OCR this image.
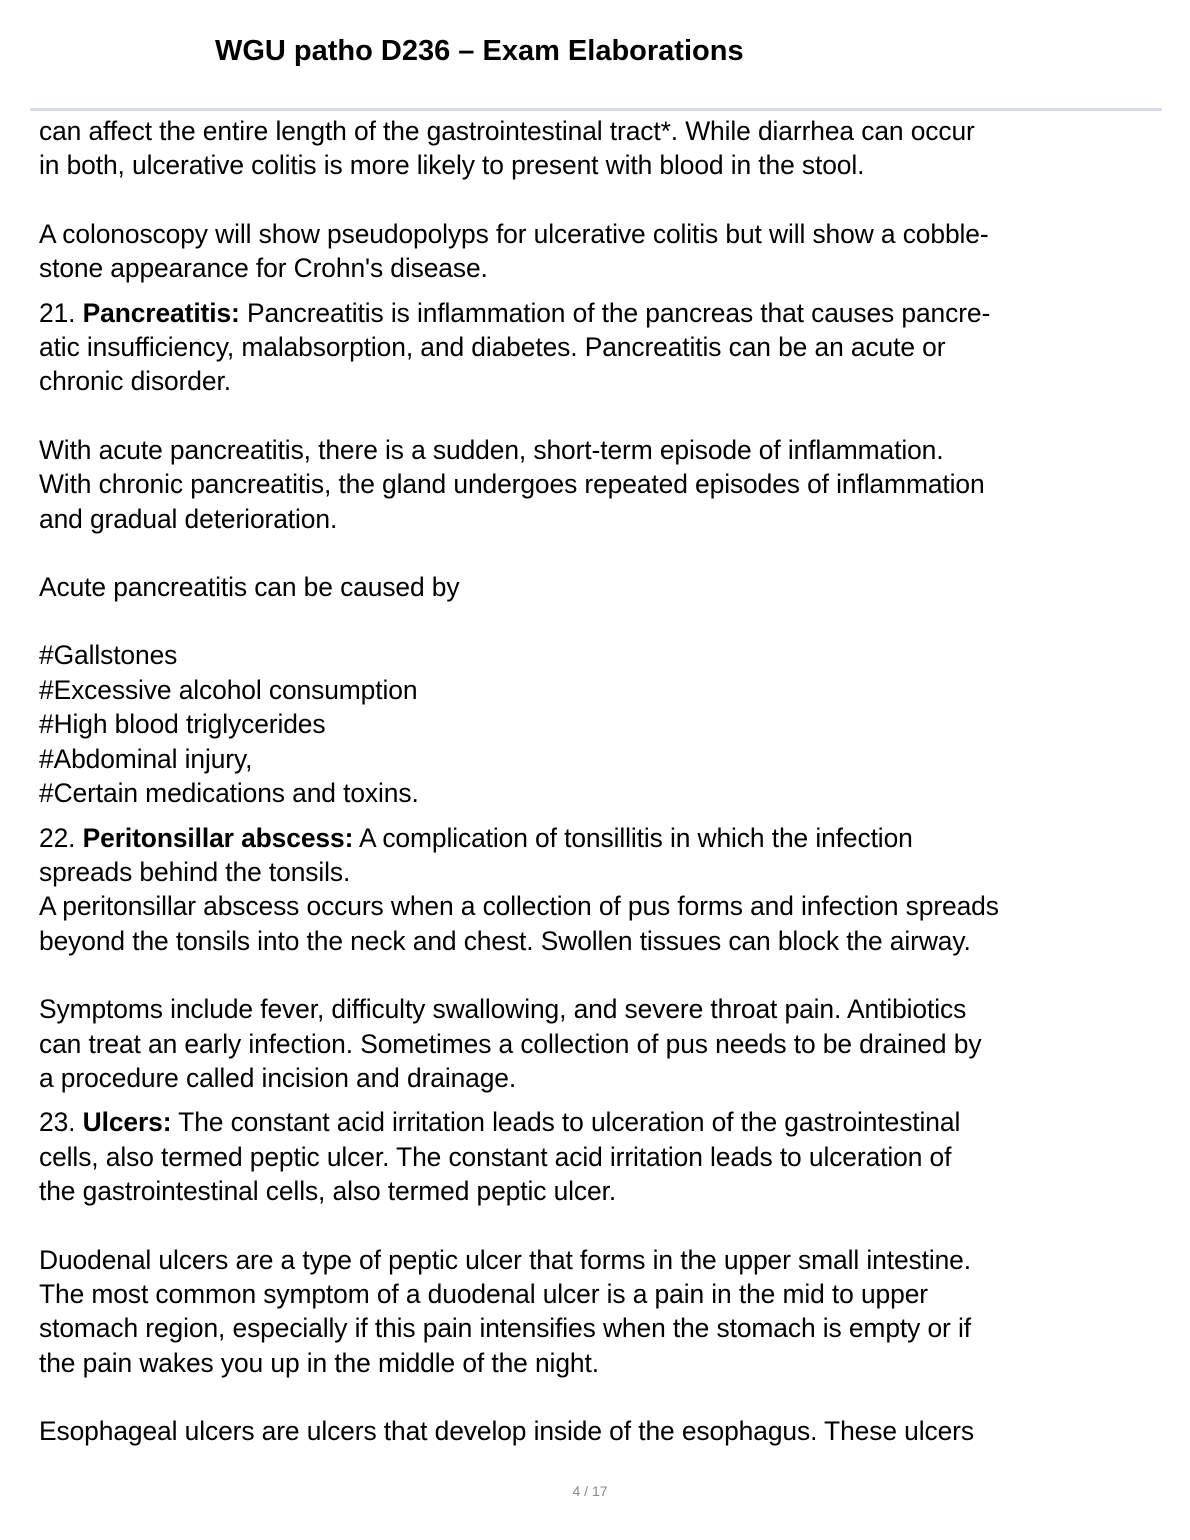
WGU patho D236 – Exam Elaborations

can affect the entire length of the gastrointestinal tract*. While diarrhea can occur
in both, ulcerative colitis is more likely to present with blood in the stool.

A colonoscopy will show pseudopolyps for ulcerative colitis but will show a cobble-
stone appearance for Crohn's disease.

21. Pancreatitis: Pancreatitis is inflammation of the pancreas that causes pancre-
atic insufficiency, malabsorption, and diabetes. Pancreatitis can be an acute or
chronic disorder.

With acute pancreatitis, there is a sudden, short-term episode of inflammation.
With chronic pancreatitis, the gland undergoes repeated episodes of inflammation
and gradual deterioration.

Acute pancreatitis can be caused by

#Gallstones
#Excessive alcohol consumption
#High blood triglycerides
#Abdominal injury,
#Certain medications and toxins.

22. Peritonsillar abscess: A complication of tonsillitis in which the infection
spreads behind the tonsils.
A peritonsillar abscess occurs when a collection of pus forms and infection spreads
beyond the tonsils into the neck and chest. Swollen tissues can block the airway.

Symptoms include fever, difficulty swallowing, and severe throat pain. Antibiotics
can treat an early infection. Sometimes a collection of pus needs to be drained by
a procedure called incision and drainage.

23. Ulcers: The constant acid irritation leads to ulceration of the gastrointestinal
cells, also termed peptic ulcer. The constant acid irritation leads to ulceration of
the gastrointestinal cells, also termed peptic ulcer.

Duodenal ulcers are a type of peptic ulcer that forms in the upper small intestine.
The most common symptom of a duodenal ulcer is a pain in the mid to upper
stomach region, especially if this pain intensifies when the stomach is empty or if
the pain wakes you up in the middle of the night.

Esophageal ulcers are ulcers that develop inside of the esophagus. These ulcers

4 / 17
